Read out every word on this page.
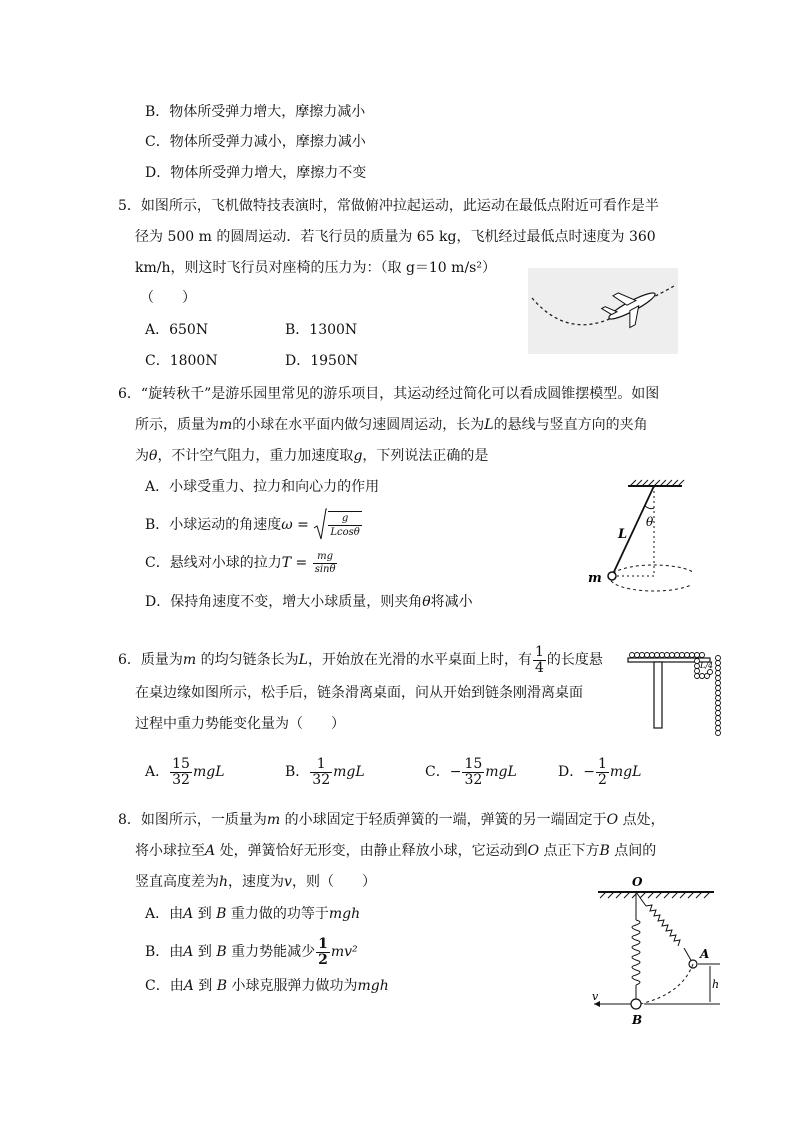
B．物体所受弹力增大，摩擦力减小
C．物体所受弹力减小，摩擦力减小
D．物体所受弹力增大，摩擦力不变
5．如图所示，飞机做特技表演时，常做俯冲拉起运动，此运动在最低点附近可看作是半
径为 500 m 的圆周运动．若飞行员的质量为 65 kg，飞机经过最低点时速度为 360
km/h，则这时飞行员对座椅的压力为：（取 g＝10 m/s²）
（　　）
A．650N	B．1300N
C．1800N	D．1950N
6．“旋转秋千”是游乐园里常见的游乐项目，其运动经过简化可以看成圆锥摆模型。如图
所示，质量为m的小球在水平面内做匀速圆周运动，长为L的悬线与竖直方向的夹角
为θ，不计空气阻力，重力加速度取g，下列说法正确的是
A．小球受重力、拉力和向心力的作用
B．小球运动的角速度$\omega = \frac{g}{Lcos\theta}$
C．悬线对小球的拉力$T = \frac{mg}{\sin\theta}$
D．保持角速度不变，增大小球质量，则夹角θ将减小
L
θ
m
6．质量为m 的均匀链条长为L，开始放在光滑的水平桌面上时，有 $\frac{1}{4}$ 的长度悬
在桌边缘如图所示，松手后，链条滑离桌面，问从开始到链条刚滑离桌面
过程中重力势能变化量为（　　）
A． $\frac{15}{32}$ mgL	B． $\frac{1}{32}$ mgL	C．− $\frac{15}{32}$ mgL	D．− $\frac{1}{2}$ mgL
L/4
8．如图所示，一质量为m 的小球固定于轻质弹簧的一端，弹簧的另一端固定于O 点处，
将小球拉至A 处，弹簧恰好无形变，由静止释放小球，它运动到O 点正下方B 点间的
竖直高度差为h，速度为v，则（　　）
A．由A 到 B 重力做的功等于mgh
B．由A 到 B 重力势能减少 $\frac{1}{2} mv^2$
C．由A 到 B 小球克服弹力做功为mgh
O
v
A
h
B
